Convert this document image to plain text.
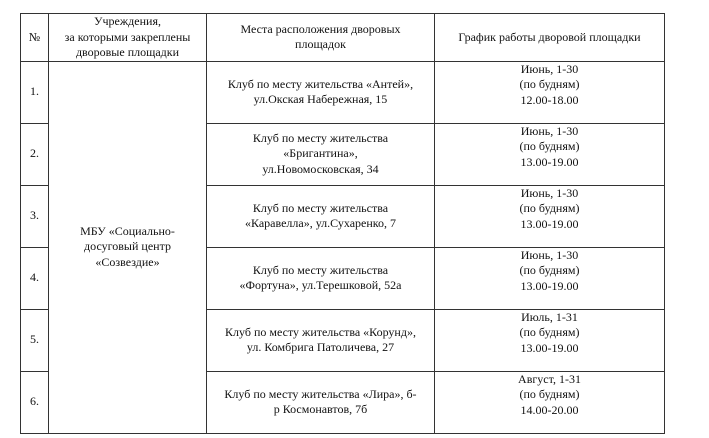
№	Учреждения,
за которыми закреплены
дворовые площадки	Места расположения дворовых
площадок	График работы дворовой площадки

1.	МБУ «Социально-
досуговый центр
«Созвездие»	Клуб по месту жительства «Антей»,
ул.Окская Набережная, 15	Июнь, 1-30
(по будням)
12.00-18.00

2.		Клуб по месту жительства
«Бригантина»,
ул.Новомосковская, 34	Июнь, 1-30
(по будням)
13.00-19.00

3.		Клуб по месту жительства
«Каравелла», ул.Сухаренко, 7	Июнь, 1-30
(по будням)
13.00-19.00

4.		Клуб по месту жительства
«Фортуна», ул.Терешковой, 52а	Июнь, 1-30
(по будням)
13.00-19.00

5.		Клуб по месту жительства «Корунд»,
ул. Комбрига Патоличева, 27	Июль, 1-31
(по будням)
13.00-19.00

6.		Клуб по месту жительства «Лира», б-
р Космонавтов, 7б	Август, 1-31
(по будням)
14.00-20.00
